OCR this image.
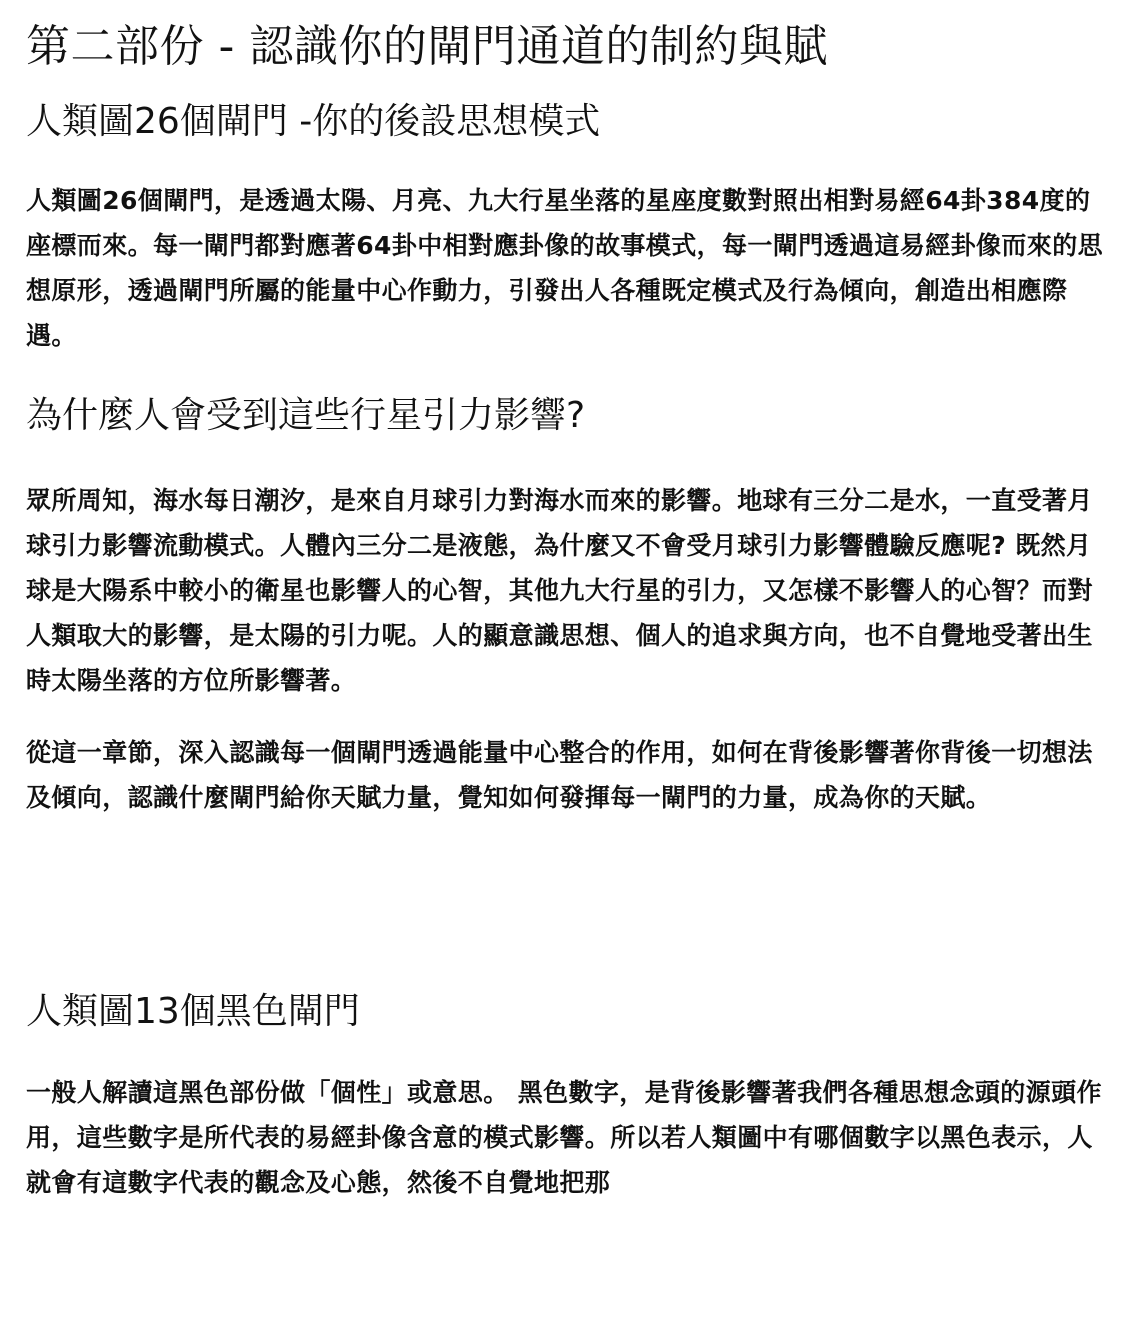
第二部份 - 認識你的閘門通道的制約與賦
人類圖26個閘門 -你的後設思想模式

人類圖26個閘門，是透過太陽、月亮、九大行星坐落的星座度數對照出相對易經64卦384度的座標而來。每一閘門都對應著64卦中相對應卦像的故事模式，每一閘門透過這易經卦像而來的思想原形，透過閘門所屬的能量中心作動力，引發出人各種既定模式及行為傾向，創造出相應際遇。

為什麼人會受到這些行星引力影響?

眾所周知，海水每日潮汐，是來自月球引力對海水而來的影響。地球有三分二是水，一直受著月球引力影響流動模式。人體內三分二是液態，為什麼又不會受月球引力影響體驗反應呢? 既然月球是大陽系中較小的衛星也影響人的心智，其他九大行星的引力，又怎樣不影響人的心智？而對人類取大的影響，是太陽的引力呢。人的顯意識思想、個人的追求與方向，也不自覺地受著出生時太陽坐落的方位所影響著。

從這一章節，深入認識每一個閘門透過能量中心整合的作用，如何在背後影響著你背後一切想法及傾向，認識什麼閘門給你天賦力量，覺知如何發揮每一閘門的力量，成為你的天賦。

人類圖13個黑色閘門

一般人解讀這黑色部份做「個性」或意思。 黑色數字，是背後影響著我們各種思想念頭的源頭作用，這些數字是所代表的易經卦像含意的模式影響。所以若人類圖中有哪個數字以黑色表示，人就會有這數字代表的觀念及心態，然後不自覺地把那
